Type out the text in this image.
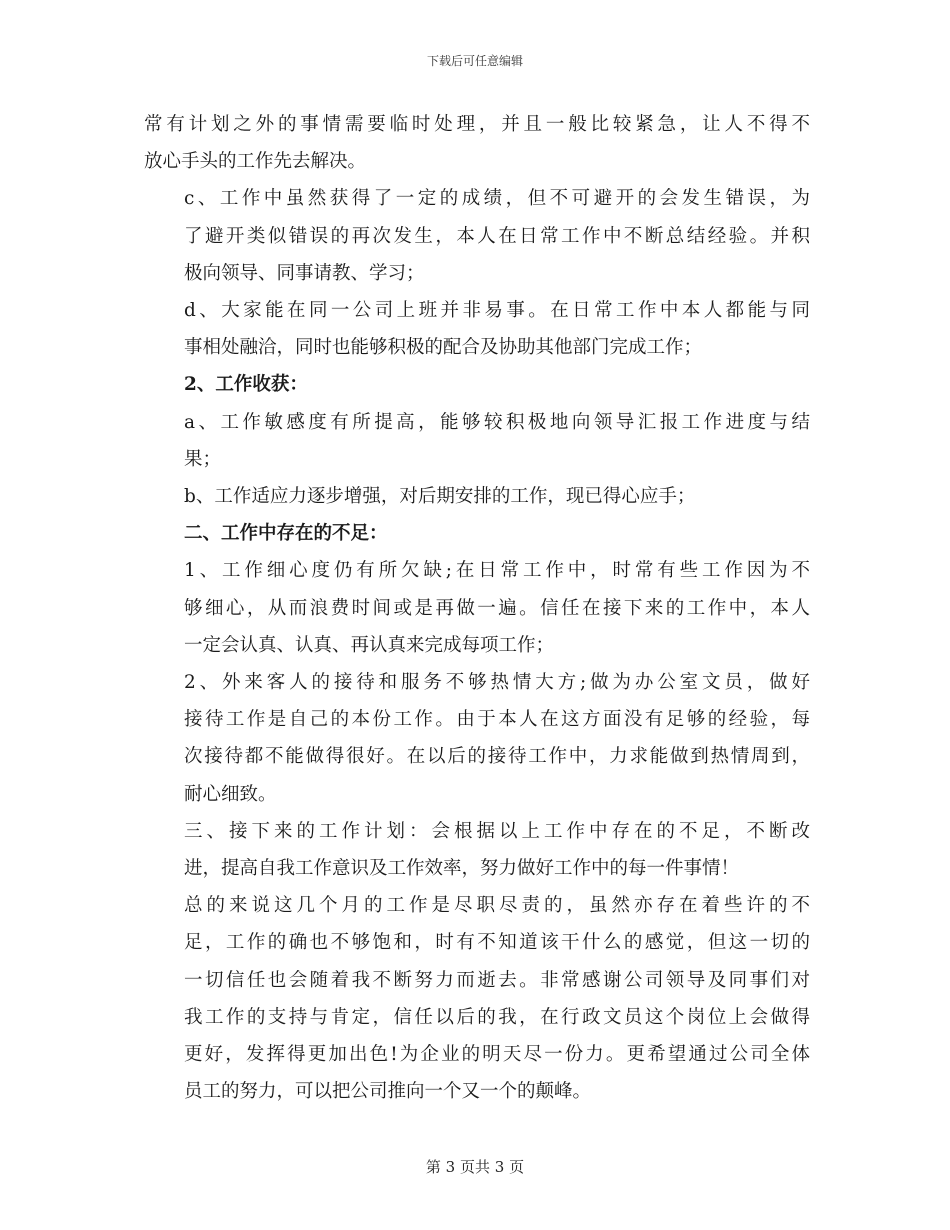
下载后可任意编辑
常有计划之外的事情需要临时处理，并且一般比较紧急，让人不得不
放心手头的工作先去解决。
c、工作中虽然获得了一定的成绩，但不可避开的会发生错误，为
了避开类似错误的再次发生，本人在日常工作中不断总结经验。并积
极向领导、同事请教、学习；
d、大家能在同一公司上班并非易事。在日常工作中本人都能与同
事相处融洽，同时也能够积极的配合及协助其他部门完成工作；
2、工作收获：
a、工作敏感度有所提高，能够较积极地向领导汇报工作进度与结
果；
b、工作适应力逐步增强，对后期安排的工作，现已得心应手；
二、工作中存在的不足：
1、工作细心度仍有所欠缺;在日常工作中，时常有些工作因为不
够细心，从而浪费时间或是再做一遍。信任在接下来的工作中，本人
一定会认真、认真、再认真来完成每项工作；
2、外来客人的接待和服务不够热情大方;做为办公室文员，做好
接待工作是自己的本份工作。由于本人在这方面没有足够的经验，每
次接待都不能做得很好。在以后的接待工作中，力求能做到热情周到，
耐心细致。
三、接下来的工作计划：会根据以上工作中存在的不足，不断改
进，提高自我工作意识及工作效率，努力做好工作中的每一件事情！
总的来说这几个月的工作是尽职尽责的，虽然亦存在着些许的不
足，工作的确也不够饱和，时有不知道该干什么的感觉，但这一切的
一切信任也会随着我不断努力而逝去。非常感谢公司领导及同事们对
我工作的支持与肯定，信任以后的我，在行政文员这个岗位上会做得
更好，发挥得更加出色!为企业的明天尽一份力。更希望通过公司全体
员工的努力，可以把公司推向一个又一个的颠峰。
第 3 页共 3 页
